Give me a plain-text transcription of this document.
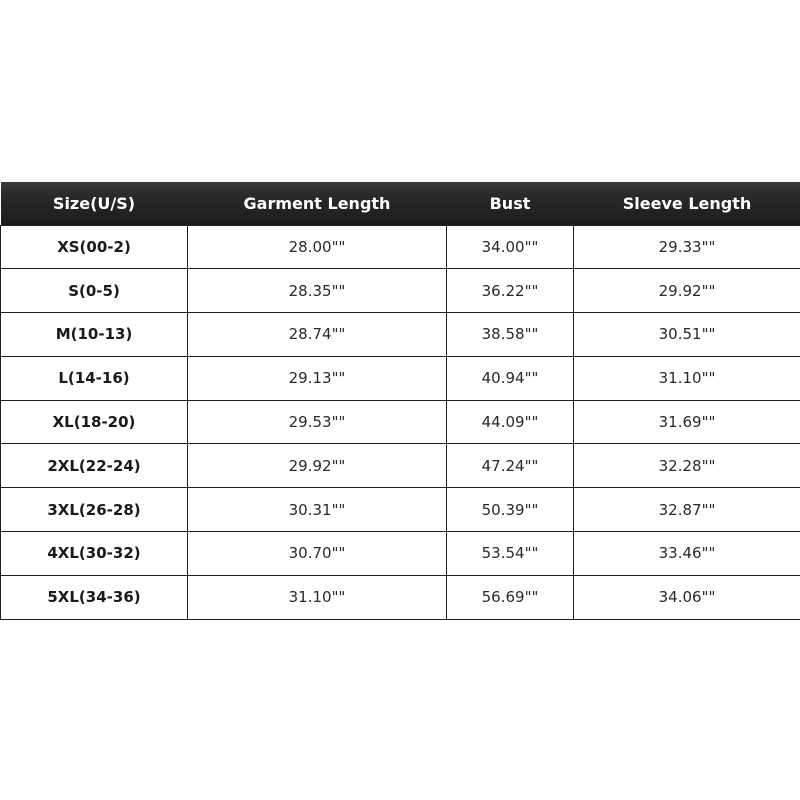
Size(U/S)	Garment Length	Bust	Sleeve Length
XS(00-2)	28.00""	34.00""	29.33""
S(0-5)	28.35""	36.22""	29.92""
M(10-13)	28.74""	38.58""	30.51""
L(14-16)	29.13""	40.94""	31.10""
XL(18-20)	29.53""	44.09""	31.69""
2XL(22-24)	29.92""	47.24""	32.28""
3XL(26-28)	30.31""	50.39""	32.87""
4XL(30-32)	30.70""	53.54""	33.46""
5XL(34-36)	31.10""	56.69""	34.06""
